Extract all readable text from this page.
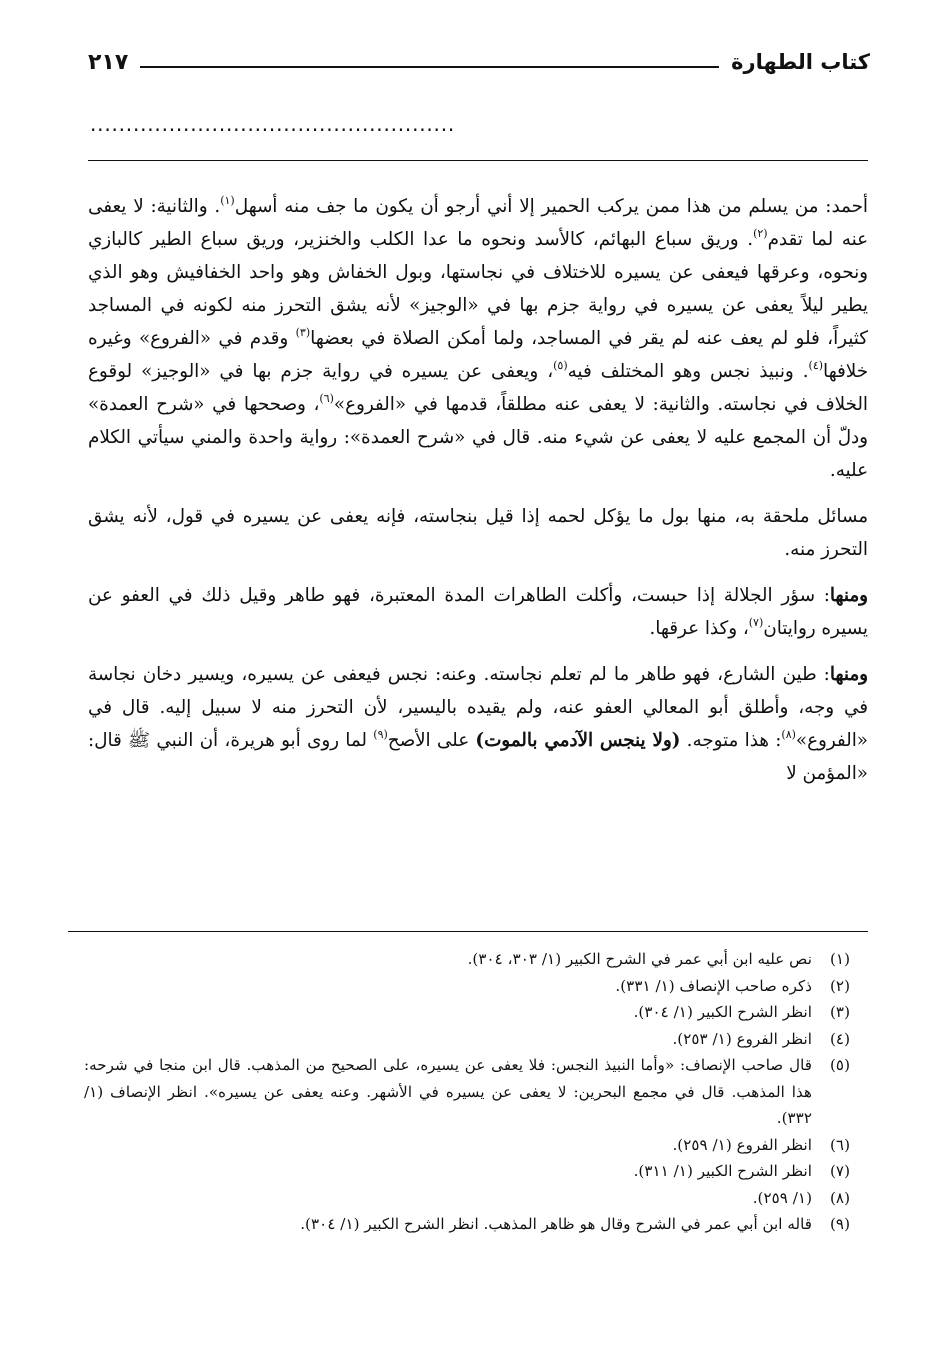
كتاب الطهارة
٢١٧
...................................................

أحمد: من يسلم من هذا ممن يركب الحمير إلا أني أرجو أن يكون ما جف منه أسهل$^{(١)}$. والثانية: لا يعفى عنه لما تقدم$^{(٢)}$. وريق سباع البهائم، كالأسد ونحوه ما عدا الكلب والخنزير، وريق سباع الطير كالبازي ونحوه، وعرقها فيعفى عن يسيره للاختلاف في نجاستها، وبول الخفاش وهو واحد الخفافيش وهو الذي يطير ليلاً يعفى عن يسيره في رواية جزم بها في «الوجيز» لأنه يشق التحرز منه لكونه في المساجد كثيراً، فلو لم يعف عنه لم يقر في المساجد، ولما أمكن الصلاة في بعضها$^{(٣)}$ وقدم في «الفروع» وغيره خلافها$^{(٤)}$. ونبيذ نجس وهو المختلف فيه$^{(٥)}$، ويعفى عن يسيره في رواية جزم بها في «الوجيز» لوقوع الخلاف في نجاسته. والثانية: لا يعفى عنه مطلقاً، قدمها في «الفروع»$^{(٦)}$، وصححها في «شرح العمدة» ودلّ أن المجمع عليه لا يعفى عن شيء منه. قال في «شرح العمدة»: رواية واحدة والمني سيأتي الكلام عليه.

مسائل ملحقة به، منها بول ما يؤكل لحمه إذا قيل بنجاسته، فإنه يعفى عن يسيره في قول، لأنه يشق التحرز منه.

ومنها: سؤر الجلالة إذا حبست، وأكلت الطاهرات المدة المعتبرة، فهو طاهر وقيل ذلك في العفو عن يسيره روايتان$^{(٧)}$، وكذا عرقها.

ومنها: طين الشارع، فهو طاهر ما لم تعلم نجاسته. وعنه: نجس فيعفى عن يسيره، ويسير دخان نجاسة في وجه، وأطلق أبو المعالي العفو عنه، ولم يقيده باليسير، لأن التحرز منه لا سبيل إليه. قال في «الفروع»$^{(٨)}$: هذا متوجه. (ولا ينجس الآدمي بالموت) على الأصح$^{(٩)}$ لما روى أبو هريرة، أن النبي ﷺ قال: «المؤمن لا

(١)
نص عليه ابن أبي عمر في الشرح الكبير (١/ ٣٠٣، ٣٠٤).
(٢)
ذكره صاحب الإنصاف (١/ ٣٣١).
(٣)
انظر الشرح الكبير (١/ ٣٠٤).
(٤)
انظر الفروع (١/ ٢٥٣).
(٥)
قال صاحب الإنصاف: «وأما النبيذ النجس: فلا يعفى عن يسيره، على الصحيح من المذهب. قال ابن منجا في شرحه: هذا المذهب. قال في مجمع البحرين: لا يعفى عن يسيره في الأشهر. وعنه يعفى عن يسيره». انظر الإنصاف (١/ ٣٣٢).
(٦)
انظر الفروع (١/ ٢٥٩).
(٧)
انظر الشرح الكبير (١/ ٣١١).
(٨)
(١/ ٢٥٩).
(٩)
قاله ابن أبي عمر في الشرح وقال هو ظاهر المذهب. انظر الشرح الكبير (١/ ٣٠٤).
